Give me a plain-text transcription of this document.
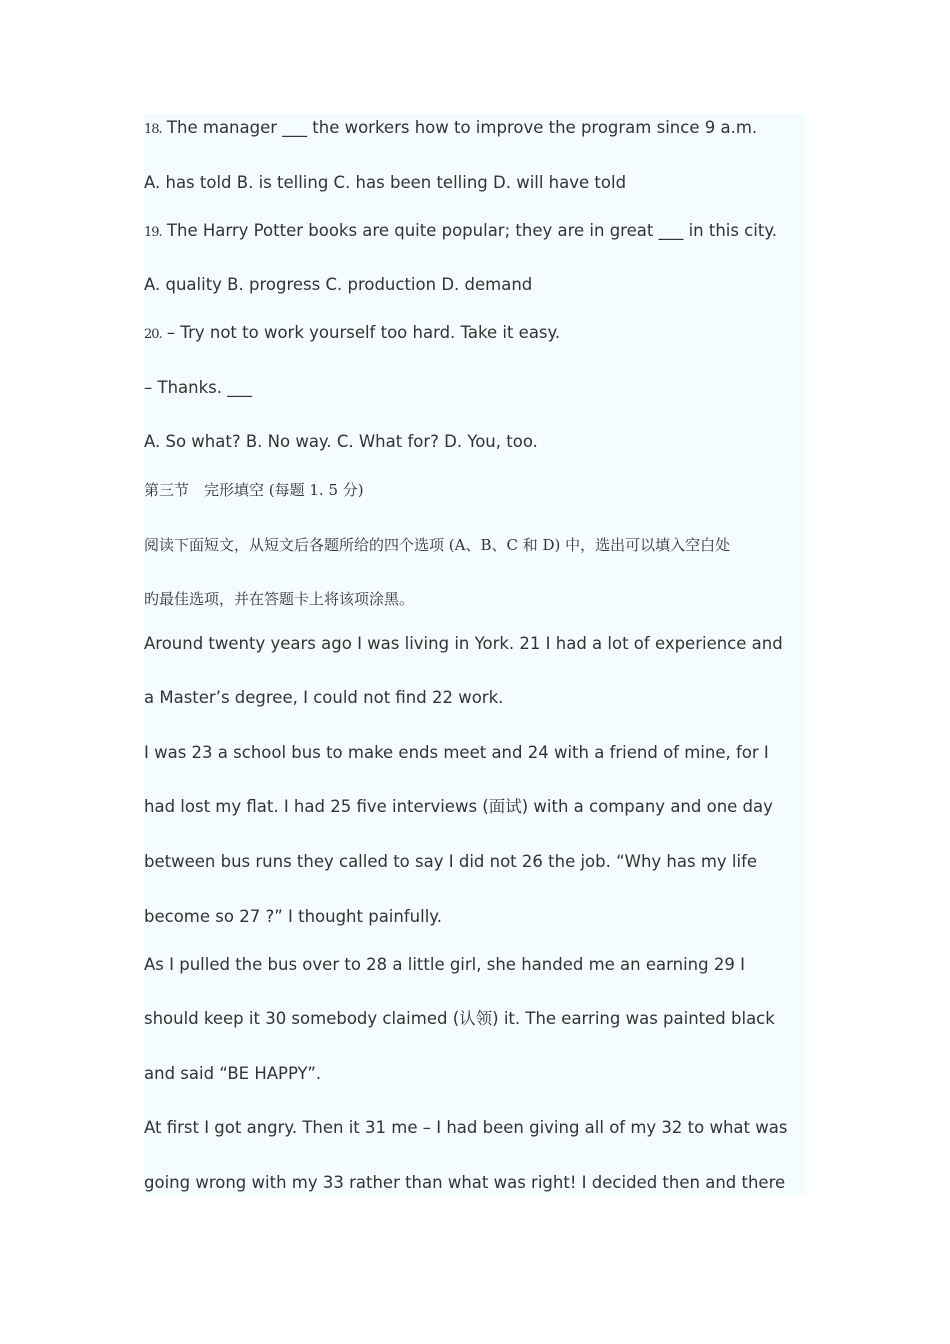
18. The manager ___ the workers how to improve the program since 9 a.m.
A. has told B. is telling C. has been telling D. will have told
19. The Harry Potter books are quite popular; they are in great ___ in this city.
A. quality B. progress C. production D. demand
20. – Try not to work yourself too hard. Take it easy.
– Thanks. ___
A. So what? B. No way. C. What for? D. You, too.
第三节　完形填空 (每题 1. 5 分)
阅读下面短文，从短文后各题所给的四个选项 (A、B、C 和 D) 中，选出可以填入空白处
旳最佳选项，并在答题卡上将该项涂黑。
Around twenty years ago I was living in York. 21 I had a lot of experience and
a Master’s degree, I could not find 22 work.
I was 23 a school bus to make ends meet and 24 with a friend of mine, for I
had lost my flat. I had 25 five interviews (面试) with a company and one day
between bus runs they called to say I did not 26 the job. “Why has my life
become so 27 ?” I thought painfully.
As I pulled the bus over to 28 a little girl, she handed me an earning 29 I
should keep it 30 somebody claimed (认领) it. The earring was painted black
and said “BE HAPPY”.
At first I got angry. Then it 31 me – I had been giving all of my 32 to what was
going wrong with my 33 rather than what was right! I decided then and there
